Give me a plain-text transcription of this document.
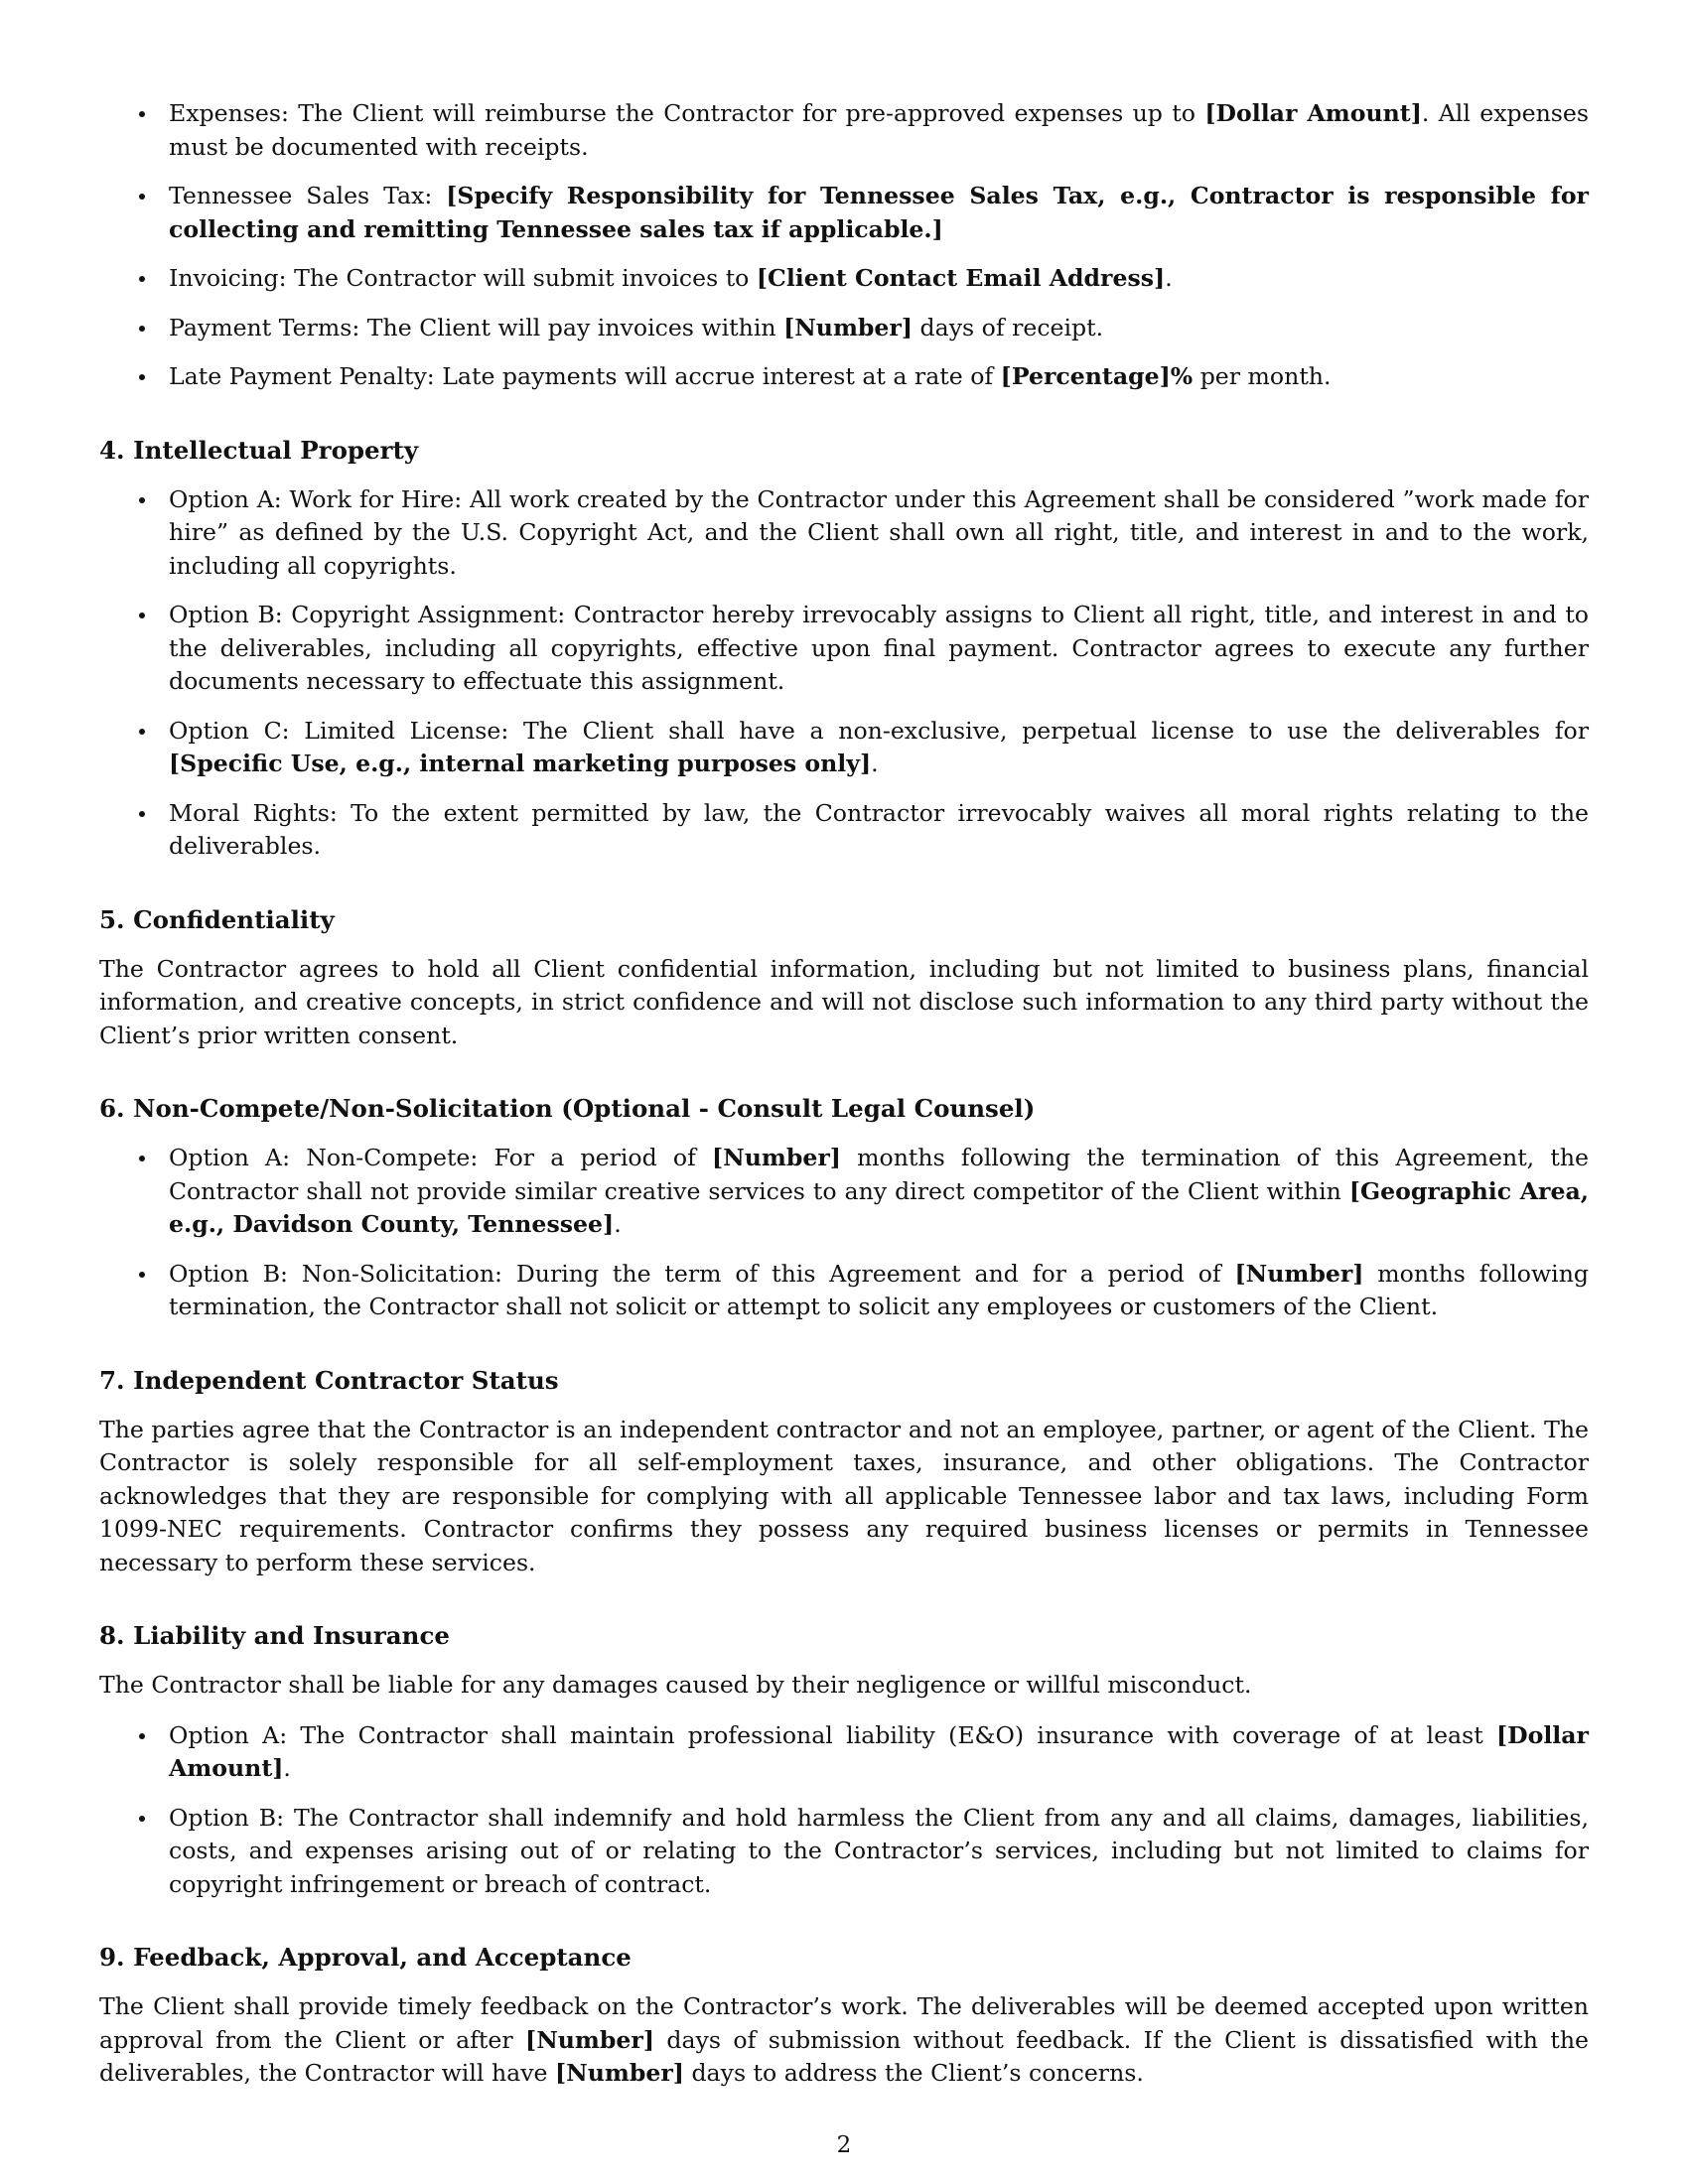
Expenses: The Client will reimburse the Contractor for pre-approved expenses up to [Dollar Amount]. All expenses must be documented with receipts.
Tennessee Sales Tax: [Specify Responsibility for Tennessee Sales Tax, e.g., Contractor is responsible for collecting and remitting Tennessee sales tax if applicable.]
Invoicing: The Contractor will submit invoices to [Client Contact Email Address].
Payment Terms: The Client will pay invoices within [Number] days of receipt.
Late Payment Penalty: Late payments will accrue interest at a rate of [Percentage]% per month.
4. Intellectual Property
Option A: Work for Hire: All work created by the Contractor under this Agreement shall be considered ”work made for hire” as defined by the U.S. Copyright Act, and the Client shall own all right, title, and interest in and to the work, including all copyrights.
Option B: Copyright Assignment: Contractor hereby irrevocably assigns to Client all right, title, and interest in and to the deliverables, including all copyrights, effective upon final payment. Contractor agrees to execute any further documents necessary to effectuate this assignment.
Option C: Limited License: The Client shall have a non-exclusive, perpetual license to use the deliverables for [Specific Use, e.g., internal marketing purposes only].
Moral Rights: To the extent permitted by law, the Contractor irrevocably waives all moral rights relating to the deliverables.
5. Confidentiality

The Contractor agrees to hold all Client confidential information, including but not limited to business plans, financial information, and creative concepts, in strict confidence and will not disclose such information to any third party without the Client’s prior written consent.

6. Non-Compete/Non-Solicitation (Optional - Consult Legal Counsel)
Option A: Non-Compete: For a period of [Number] months following the termination of this Agreement, the Contractor shall not provide similar creative services to any direct competitor of the Client within [Geographic Area, e.g., Davidson County, Tennessee].
Option B: Non-Solicitation: During the term of this Agreement and for a period of [Number] months following termination, the Contractor shall not solicit or attempt to solicit any employees or customers of the Client.
7. Independent Contractor Status

The parties agree that the Contractor is an independent contractor and not an employee, partner, or agent of the Client. The Contractor is solely responsible for all self-employment taxes, insurance, and other obligations. The Contractor acknowledges that they are responsible for complying with all applicable Tennessee labor and tax laws, including Form 1099-NEC requirements. Contractor confirms they possess any required business licenses or permits in Tennessee necessary to perform these services.

8. Liability and Insurance

The Contractor shall be liable for any damages caused by their negligence or willful misconduct.

Option A: The Contractor shall maintain professional liability (E&O) insurance with coverage of at least [Dollar Amount].
Option B: The Contractor shall indemnify and hold harmless the Client from any and all claims, damages, liabilities, costs, and expenses arising out of or relating to the Contractor’s services, including but not limited to claims for copyright infringement or breach of contract.
9. Feedback, Approval, and Acceptance

The Client shall provide timely feedback on the Contractor’s work. The deliverables will be deemed accepted upon written approval from the Client or after [Number] days of submission without feedback. If the Client is dissatisfied with the deliverables, the Contractor will have [Number] days to address the Client’s concerns.

2
